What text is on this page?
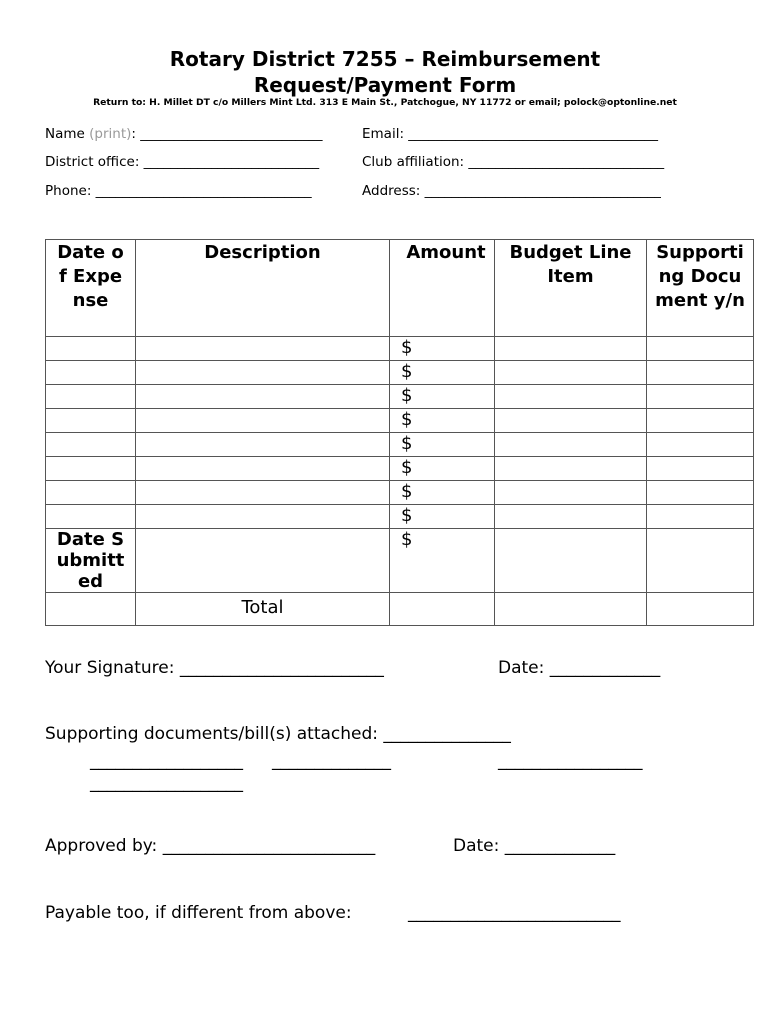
Rotary District 7255 – Reimbursement
Request/Payment Form
Return to: H. Millet DT c/o Millers Mint Ltd. 313 E Main St., Patchogue, NY 11772 or email; polock@optonline.net
Name (print): ___________________________	Email: _____________________________________
District office: __________________________	Club affiliation: _____________________________
Phone: ________________________________	Address: ___________________________________
Date of Expense	Description	Amount	Budget Line Item	Supporting Document y/n
		$		
		$		
		$		
		$		
		$		
		$		
		$		
		$		
Date Submitted		$		
	Total			
Your Signature: ________________________	Date: _____________
Supporting documents/bill(s) attached: _______________
__________________ ______________	_________________
__________________
Approved by: _________________________	Date: _____________
Payable too, if different from above:	_________________________
